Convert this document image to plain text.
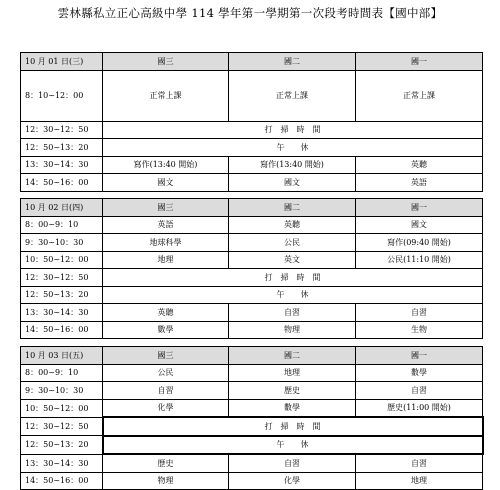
雲林縣私立正心高級中學 114 學年第一學期第一次段考時間表【國中部】
10 月 01 日(三)	國三	國二	國一
8：10~12：00	正常上課	正常上課	正常上課
12：30~12：50	打　掃　時　間		
12：50~13：20	午　　休		
13：30~14：30	寫作(13:40 開始)	寫作(13:40 開始)	英聽
14：50~16：00	國文	國文	英語
10 月 02 日(四)	國三	國二	國一
8：00~9：10	英語	英聽	國文
9：30~10：30	地球科學	公民	寫作(09:40 開始)
10：50~12：00	地理	英文	公民(11:10 開始)
12：30~12：50	打　掃　時　間		
12：50~13：20	午　　休		
13：30~14：30	英聽	自習	自習
14：50~16：00	數學	物理	生物
10 月 03 日(五)	國三	國二	國一
8：00~9：10	公民	地理	數學
9：30~10：30	自習	歷史	自習
10：50~12：00	化學	數學	歷史(11:00 開始)
12：30~12：50	打　掃　時　間		
12：50~13：20	午　　休		
13：30~14：30	歷史	自習	自習
14：50~16：00	物理	化學	地理
